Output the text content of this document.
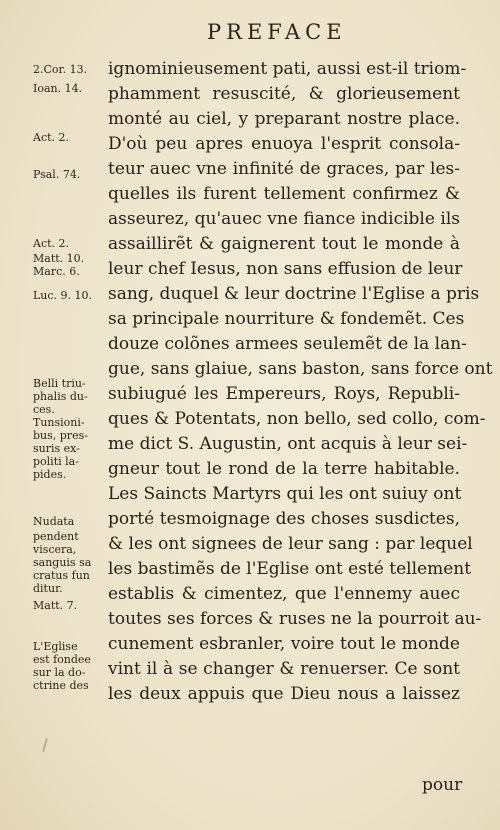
PREFACE
2.Cor. 13.
Ioan. 14.
Act. 2.
Psal. 74.
Act. 2.
Matt. 10.
Marc. 6.
Luc. 9. 10.
Belli triu-
phalis du-
ces.
Tunsioni-
bus, pres-
suris ex-
politi la-
pides.
Nudata
pendent
viscera,
sanguis sa
cratus fun
ditur.
Matt. 7.
L'Eglise
est fondee
sur la do-
ctrine des
ignominieusement pati, aussi est-il triom-
phamment resuscité, & glorieusement
monté au ciel, y preparant nostre place.
D'où peu apres enuoya l'esprit consola-
teur auec vne infinité de graces, par les-
quelles ils furent tellement confirmez &
asseurez, qu'auec vne fiance indicible ils
assaillirẽt & gaignerent tout le monde à
leur chef Iesus, non sans effusion de leur
sang, duquel & leur doctrine l'Eglise a pris
sa principale nourriture & fondemẽt. Ces
douze colõnes armees seulemẽt de la lan-
gue, sans glaiue, sans baston, sans force ont
subiugué les Empereurs, Roys, Republi-
ques & Potentats, non bello, sed collo, com-
me dict S. Augustin, ont acquis à leur sei-
gneur tout le rond de la terre habitable.
Les Saincts Martyrs qui les ont suiuy ont
porté tesmoignage des choses susdictes,
& les ont signees de leur sang : par lequel
les bastimẽs de l'Eglise ont esté tellement
establis & cimentez, que l'ennemy auec
toutes ses forces & ruses ne la pourroit au-
cunement esbranler, voire tout le monde
vint il à se changer & renuerser. Ce sont
les deux appuis que Dieu nous a laissez
pour
